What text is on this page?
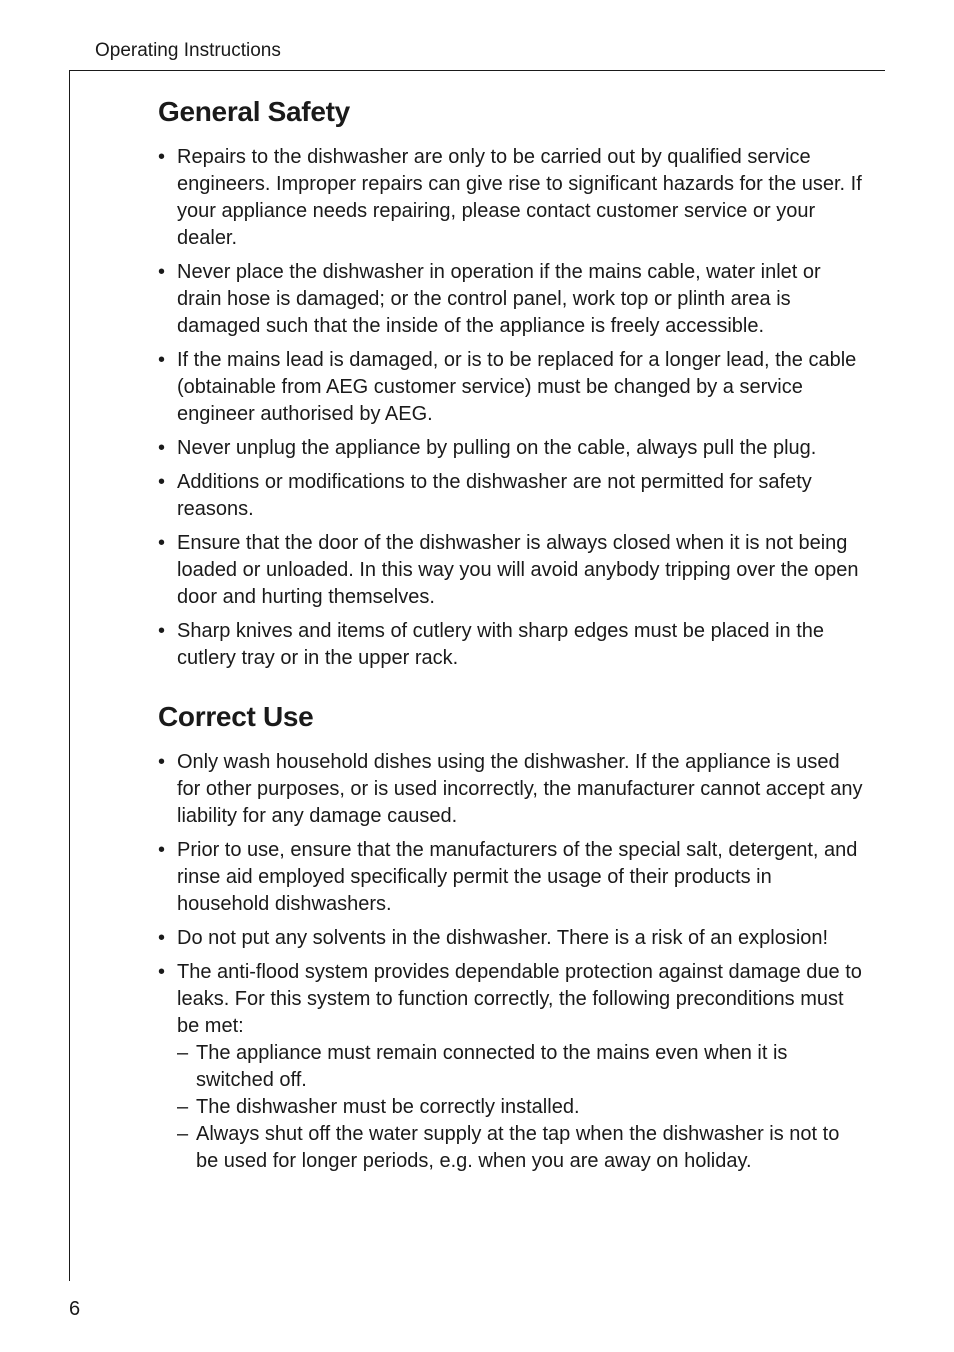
Operating Instructions
General Safety
• Repairs to the dishwasher are only to be carried out by qualified service engineers. Improper repairs can give rise to significant hazards for the user. If your appliance needs repairing, please contact customer service or your dealer.
• Never place the dishwasher in operation if the mains cable, water inlet or drain hose is damaged; or the control panel, work top or plinth area is damaged such that the inside of the appliance is freely accessible.
• If the mains lead is damaged, or is to be replaced for a longer lead, the cable (obtainable from AEG customer service) must be changed by a service engineer authorised by AEG.
• Never unplug the appliance by pulling on the cable, always pull the plug.
• Additions or modifications to the dishwasher are not permitted for safety reasons.
• Ensure that the door of the dishwasher is always closed when it is not being loaded or unloaded. In this way you will avoid anybody tripping over the open door and hurting themselves.
• Sharp knives and items of cutlery with sharp edges must be placed in the cutlery tray or in the upper rack.
Correct Use
• Only wash household dishes using the dishwasher. If the appliance is used for other purposes, or is used incorrectly, the manufacturer cannot accept any liability for any damage caused.
• Prior to use, ensure that the manufacturers of the special salt, detergent, and rinse aid employed specifically permit the usage of their products in household dishwashers.
• Do not put any solvents in the dishwasher. There is a risk of an explosion!
• The anti-flood system provides dependable protection against damage due to leaks. For this system to function correctly, the following preconditions must be met:
– The appliance must remain connected to the mains even when it is switched off.
– The dishwasher must be correctly installed.
– Always shut off the water supply at the tap when the dishwasher is not to be used for longer periods, e.g. when you are away on holiday.
6
